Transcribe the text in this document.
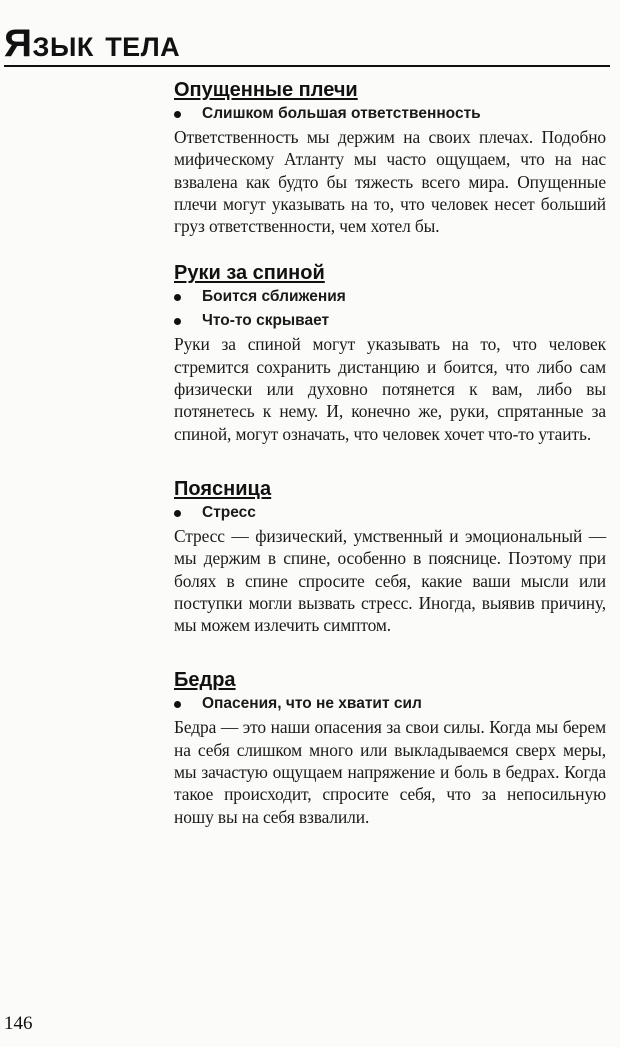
Язык тела
Опущенные плечи
Слишком большая ответственность

Ответственность мы держим на своих плечах. Подобно мифическому Атланту мы часто ощущаем, что на нас взвалена как будто бы тяжесть всего мира. Опущенные плечи могут указывать на то, что человек несет больший груз ответственности, чем хотел бы.

Руки за спиной
Боится сближения
Что-то скрывает

Руки за спиной могут указывать на то, что человек стремится сохранить дистанцию и боится, что либо сам физически или духовно потянется к вам, либо вы потянетесь к нему. И, конечно же, руки, спрятанные за спиной, могут означать, что человек хочет что-то утаить.

Поясница
Стресс

Стресс — физический, умственный и эмоциональный — мы держим в спине, особенно в пояснице. Поэтому при болях в спине спросите себя, какие ваши мысли или поступки могли вызвать стресс. Иногда, выявив причину, мы можем излечить симптом.

Бедра
Опасения, что не хватит сил

Бедра — это наши опасения за свои силы. Когда мы берем на себя слишком много или выкладываемся сверх меры, мы зачастую ощущаем напряжение и боль в бедрах. Когда такое происходит, спросите себя, что за непосильную ношу вы на себя взвалили.

146
